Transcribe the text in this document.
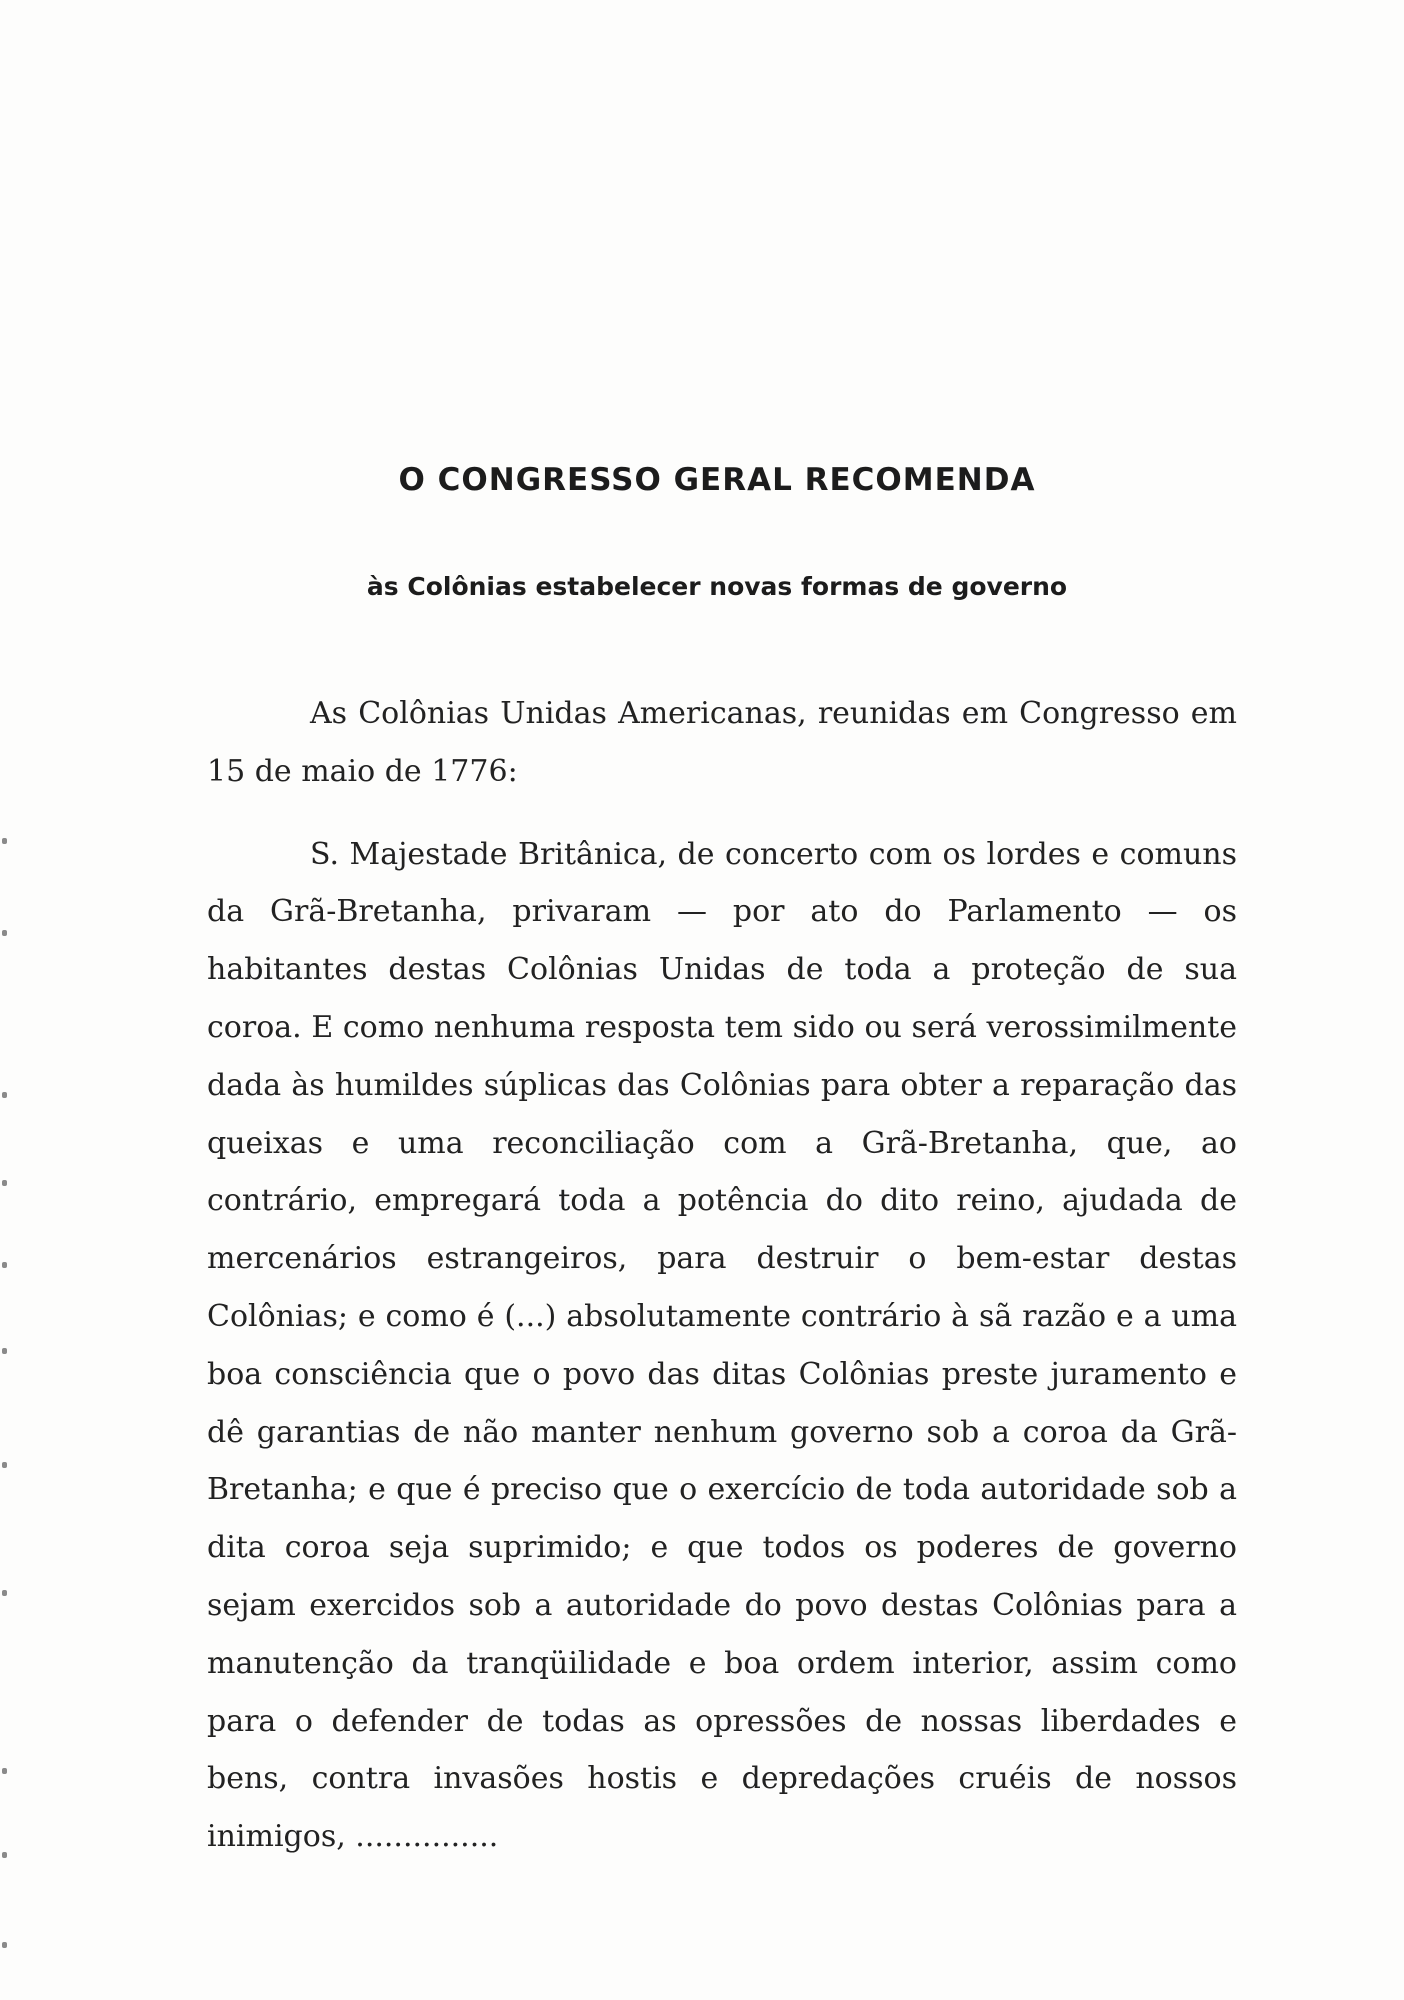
O CONGRESSO GERAL RECOMENDA
às Colônias estabelecer novas formas de governo

As Colônias Unidas Americanas, reunidas em Congresso em 15 de maio de 1776:

S. Majestade Britânica, de concerto com os lordes e comuns da Grã-Bretanha, privaram — por ato do Parlamento — os habitantes destas Colônias Unidas de toda a proteção de sua coroa. E como nenhuma resposta tem sido ou será verossimilmente dada às humildes súplicas das Colônias para obter a reparação das queixas e uma reconciliação com a Grã-Bretanha, que, ao contrário, empregará toda a potência do dito reino, ajudada de mercenários estrangeiros, para destruir o bem-estar destas Colônias; e como é (...) absolutamente contrário à sã razão e a uma boa consciência que o povo das ditas Colônias preste juramento e dê garantias de não manter nenhum governo sob a coroa da Grã-Bretanha; e que é preciso que o exercício de toda autoridade sob a dita coroa seja suprimido; e que todos os poderes de governo sejam exercidos sob a autoridade do povo destas Colônias para a manutenção da tranqüilidade e boa ordem interior, assim como para o defender de todas as opressões de nossas liberdades e bens, contra invasões hostis e depredações cruéis de nossos inimigos, ...............
